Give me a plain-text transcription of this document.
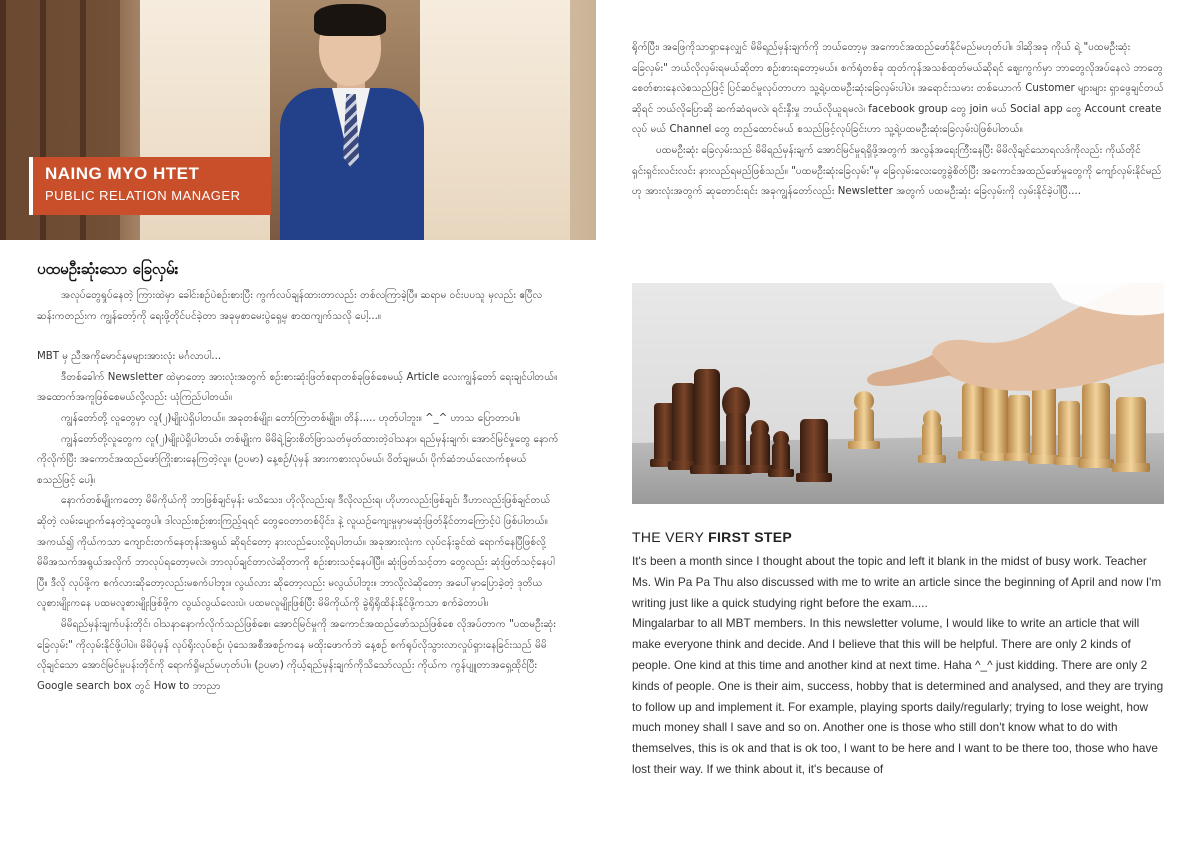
NAING MYO HTET
PUBLIC RELATION MANAGER
ပထမဦးဆုံးသော ခြေလှမ်း

အလုပ်တွေရှုပ်နေတဲ့ ကြားထဲမှာ ခေါင်းစဉ်ပဲစဉ်းစားပြီး ကွက်လပ်ချန်ထားတာလည်း တစ်လကြာခဲ့ပြီ။ ဆရာမ ဝင်းပပသူ မှလည်း ဧပြီလဆန်းကတည်းက ကျွန်တော့်ကို ရေးဖို့တိုင်ပင်ခဲ့တာ အခုမှစာမေးပွဲရှေ့မှ စာထကျက်သလို ပေါ့...။

MBT မှ ညီအကိုမောင်နှမများအားလုံး မင်္ဂလာပါ...

ဒီတစ်ခေါက် Newsletter ထဲမှာတော့ အားလုံးအတွက် စဉ်းစားဆုံးဖြတ်စရာတစ်ခုဖြစ်စေမယ့် Article လေးကျွန်တော် ရေးချင်ပါတယ်။ အထောက်အကူဖြစ်စေမယ်လို့လည်း ယုံကြည်ပါတယ်။

ကျွန်တော်တို့ လူတွေမှာ လူ(၂)မျိုးပဲရှိပါတယ်။ အခုတစ်မျိုး၊ တော်ကြာတစ်မျိုး။ တိန်..... ဟုတ်ပါဘူး။ ^_^ ဟာသ ပြောတာပါ။

ကျွန်တော်တို့လူတွေက လူ(၂)မျိုးပဲရှိပါတယ်။ တစ်မျိုးက မိမိရဲ့ခြားစိတ်ဖြာသတ်မှတ်ထားတဲ့ဝါသနာ၊ ရည်မှန်းချက်၊ အောင်မြင်မှုတွေ နောက်ကိုလိုက်ပြီး အကောင်အထည်ဖော်ကြိုးစားနေကြတဲ့လူ။ (ဥပမာ) နေ့စဉ်/ပုံမှန် အားကစားလုပ်မယ်၊ ဝိတ်ချမယ်၊ ပိုက်ဆံဘယ်လောက်စုမယ် စသည်ဖြင့် ပေါ့။

နောက်တစ်မျိုးကတော့ မိမိကိုယ်ကို ဘာဖြစ်ချင်မှန်း မသိသေး၊ ဟိုလိုလည်းရ၊ ဒီလိုလည်းရ၊ ဟိုဟာလည်းဖြစ်ချင်၊ ဒီဟာလည်းဖြစ်ချင်တယ်ဆိုတဲ့ လမ်းပျောက်နေတဲ့သူတွေပါ။ ဒါလည်းစဉ်းစားကြည့်ရရင် တွေဝေတာတစ်ပိုင်း၊ နဲ့ လူယဉ်ကျေးမှုမှာမဆုံးဖြတ်နိုင်တာကြောင့်ပဲ ဖြစ်ပါတယ်။ အကယ်၍ ကိုယ်ကသာ ကျောင်းတက်နေတုန်းအရွယ် ဆိုရင်တော့ နားလည်ပေးလို့ရပါတယ်။ အခုအားလုံးက လုပ်ငန်းခွင်ထဲ ရောက်နေပြီဖြစ်လို့ မိမိအသက်အရွယ်အလိုက် ဘာလုပ်ရတော့မလဲ၊ ဘာလုပ်ချင်တာလဲဆိုတာကို စဉ်းစားသင့်နေပါပြီ။ ဆုံးဖြတ်သင့်တာ တွေလည်း ဆုံးဖြတ်သင့်နေပါပြီ။ ဒီလို လုပ်ဖို့က စက်လားဆိုတော့လည်းမစက်ပါဘူး။ လွယ်လား ဆိုတော့လည်း မလွယ်ပါဘူး။ ဘာလို့လဲဆိုတော့ အပေါ်မှာပြောခဲ့တဲ့ ဒုတိယလူစားမျိုးကနေ ပထမလူစားမျိုးဖြစ်ဖို့က လွယ်လွယ်လေးပဲ၊ ပထမလူမျိုးဖြစ်ပြီး မိမိကိုယ်ကို ခွဲရိုရိုထိန်းနိုင်ဖို့ကသာ စက်ခဲတာပါ။

မိမိရည်မှန်းချက်ပန်းတိုင်၊ ဝါသနာနောက်လိုက်သည်ဖြစ်စေ၊ အောင်မြင်မှုကို အကောင်အထည်ဖော်သည်ဖြစ်စေ လိုအပ်တာက "ပထမဦးဆုံးခြေလှမ်း" ကိုလှမ်းနိုင်ဖို့ပါပဲ။ မိမိပုံမှန် လုပ်ရိုးလုပ်စဉ်၊ ပုံသေအစီအစဉ်ကနေ မထိုးဖောက်ဘဲ နေ့စဉ် စက်ရုပ်လိုသွားလာလှုပ်ရှားနေခြင်းသည် မိမိလိုချင်သော အောင်မြင်မှုပန်းတိုင်ကို ရောက်ရှိမည်မဟုတ်ပါ။ (ဥပမာ) ကိုယ့်ရည်မှန်းချက်ကိုသိသော်လည်း ကိုယ်က ကွန်ပျူတာအရှေ့ထိုင်ပြီး Google search box တွင် How to ဘာညာ

ရိုက်ပြီး၊ အဖြေကိုသာရှာနေလျှင် မိမိရည်မှန်းချက်ကို ဘယ်တော့မှ အကောင်အထည်ဖော်နိုင်မည်မဟုတ်ပါ။ ဒါဆိုအခု ကိုယ် ရဲ့ "ပထမဦးဆုံးခြေလှမ်း" ဘယ်လိုလှမ်းရမယ်ဆိုတာ စဉ်းစားရတော့မယ်။ စက်ရုံတစ်ခု ထုတ်ကုန်အသစ်ထုတ်မယ်ဆိုရင် ဈေးကွက်မှာ ဘာတွေလိုအပ်နေလဲ ဘာတွေစေတ်စားနေလဲစသည်ဖြင့် ပြင်ဆင်မှုလုပ်တာဟာ သူ့ရဲ့ပထမဦးဆုံးခြေလှမ်းပါပဲ။ အရောင်းသမား တစ်ယောက် Customer များများ ရှာဖွေချင်တယ်ဆိုရင် ဘယ်လိုပြောဆို ဆက်ဆံရမလဲ၊ ရင်းနှီးမှု ဘယ်လိုယူရမလဲ၊ facebook group တွေ join မယ် Social app တွေ Account create လုပ် မယ် Channel တွေ တည်ထောင်မယ် စသည်ဖြင့်လုပ်ခြင်းဟာ သူ့ရဲ့ပထမဦးဆုံးခြေလှမ်းပဲဖြစ်ပါတယ်။

ပထမဦးဆုံး ခြေလှမ်းသည် မိမိရည်မှန်းချက် အောင်မြင်မှုရရှိဖို့အတွက် အလွန်အရေးကြီးနေပြီး မိမိလိုချင်သောရလဒ်ကိုလည်း ကိုယ်တိုင်ရှင်းရှင်းလင်းလင်း နားလည်ရမည်ဖြစ်သည်။ "ပထမဦးဆုံးခြေလှမ်း"မှ ခြေလှမ်းလေးတွေခွဲစိတ်ပြီး အကောင်အထည်ဖော်မှုတွေကို ကျော်လှမ်းနိုင်မည်ဟု အားလုံးအတွက် ဆုတောင်းရင်း အခုကျွန်တော်လည်း Newsletter အတွက် ပထမဦးဆုံး ခြေလှမ်းကို လှမ်းနိုင်ခဲ့ပါပြီ....

THE VERY FIRST STEP

It's been a month since I thought about the topic and left it blank in the midst of busy work. Teacher Ms. Win Pa Pa Thu also discussed with me to write an article since the beginning of April and now I'm writing just like a quick studying right before the exam.....

Mingalarbar to all MBT members. In this newsletter volume, I would like to write an article that will make everyone think and decide. And I believe that this will be helpful. There are only 2 kinds of people. One kind at this time and another kind at next time. Haha ^_^ just kidding. There are only 2 kinds of people. One is their aim, success, hobby that is determined and analysed, and they are trying to follow up and implement it. For example, playing sports daily/regularly; trying to lose weight, how much money shall I save and so on. Another one is those who still don't know what to do with themselves, this is ok and that is ok too, I want to be here and I want to be there too, those who have lost their way. If we think about it, it's because of
